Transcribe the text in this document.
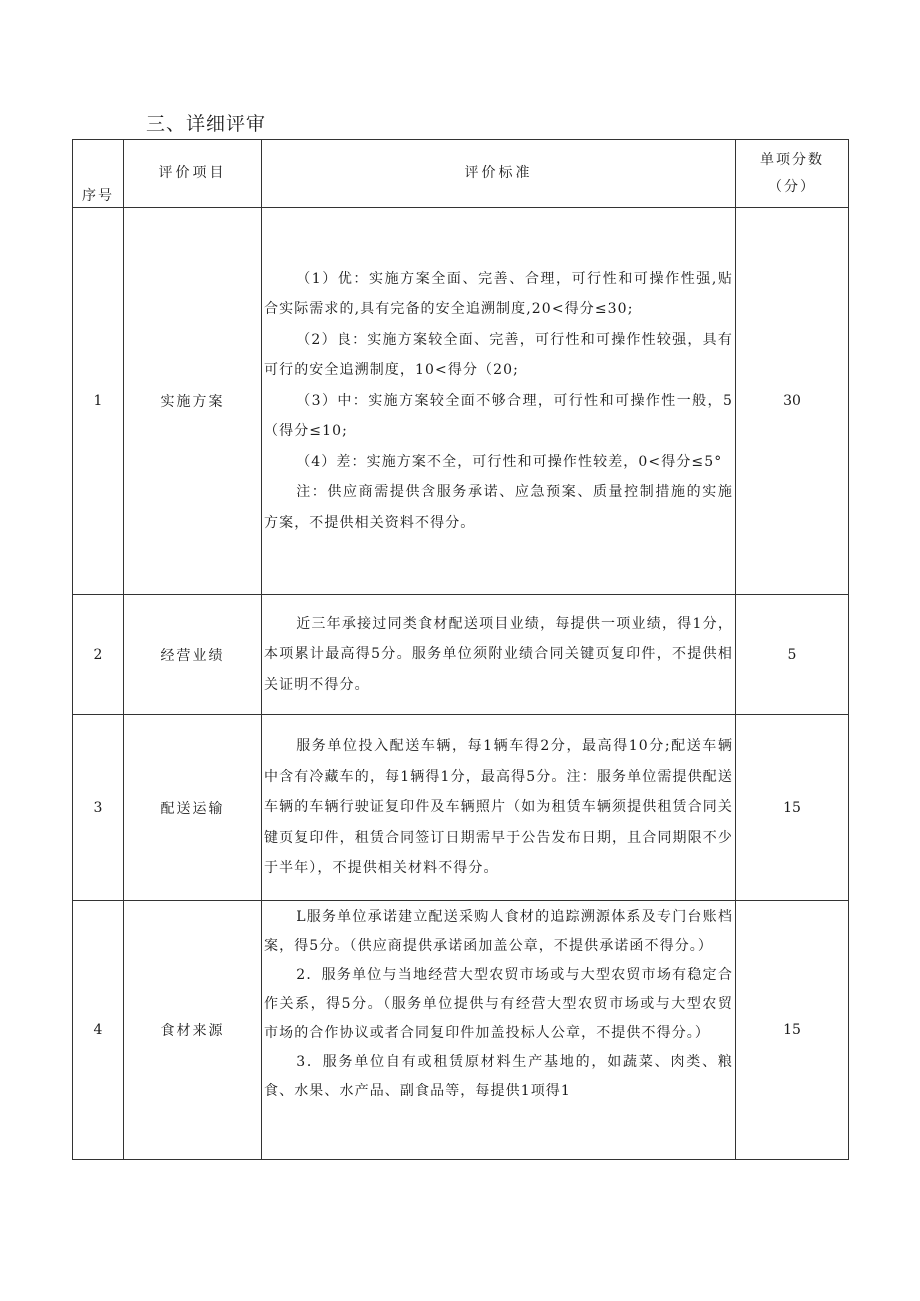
三、详细评审
序号	评价项目	评价标准	单项分数
（分）

1	实施方案	（1）优：实施方案全面、完善、合理，可行性和可操作性强,贴合实际需求的,具有完备的安全追溯制度,20<得分≤30;

（2）良：实施方案较全面、完善，可行性和可操作性较强，具有可行的安全追溯制度，10<得分（20;

（3）中：实施方案较全面不够合理，可行性和可操作性一般，5（得分≤10;

（4）差：实施方案不全，可行性和可操作性较差，0<得分≤5°

注：供应商需提供含服务承诺、应急预案、质量控制措施的实施方案，不提供相关资料不得分。	30
2	经营业绩	近三年承接过同类食材配送项目业绩，每提供一项业绩，得1分，本项累计最高得5分。服务单位须附业绩合同关键页复印件，不提供相关证明不得分。	5
3	配送运输	服务单位投入配送车辆，每1辆车得2分，最高得10分;配送车辆中含有冷藏车的，每1辆得1分，最高得5分。注：服务单位需提供配送车辆的车辆行驶证复印件及车辆照片（如为租赁车辆须提供租赁合同关键页复印件，租赁合同签订日期需早于公告发布日期，且合同期限不少于半年），不提供相关材料不得分。	15
4	食材来源	L服务单位承诺建立配送采购人食材的追踪溯源体系及专门台账档案，得5分。（供应商提供承诺函加盖公章，不提供承诺函不得分。）

2．服务单位与当地经营大型农贸市场或与大型农贸市场有稳定合作关系，得5分。（服务单位提供与有经营大型农贸市场或与大型农贸市场的合作协议或者合同复印件加盖投标人公章，不提供不得分。）

3．服务单位自有或租赁原材料生产基地的，如蔬菜、肉类、粮食、水果、水产品、副食品等，每提供1项得1	15
